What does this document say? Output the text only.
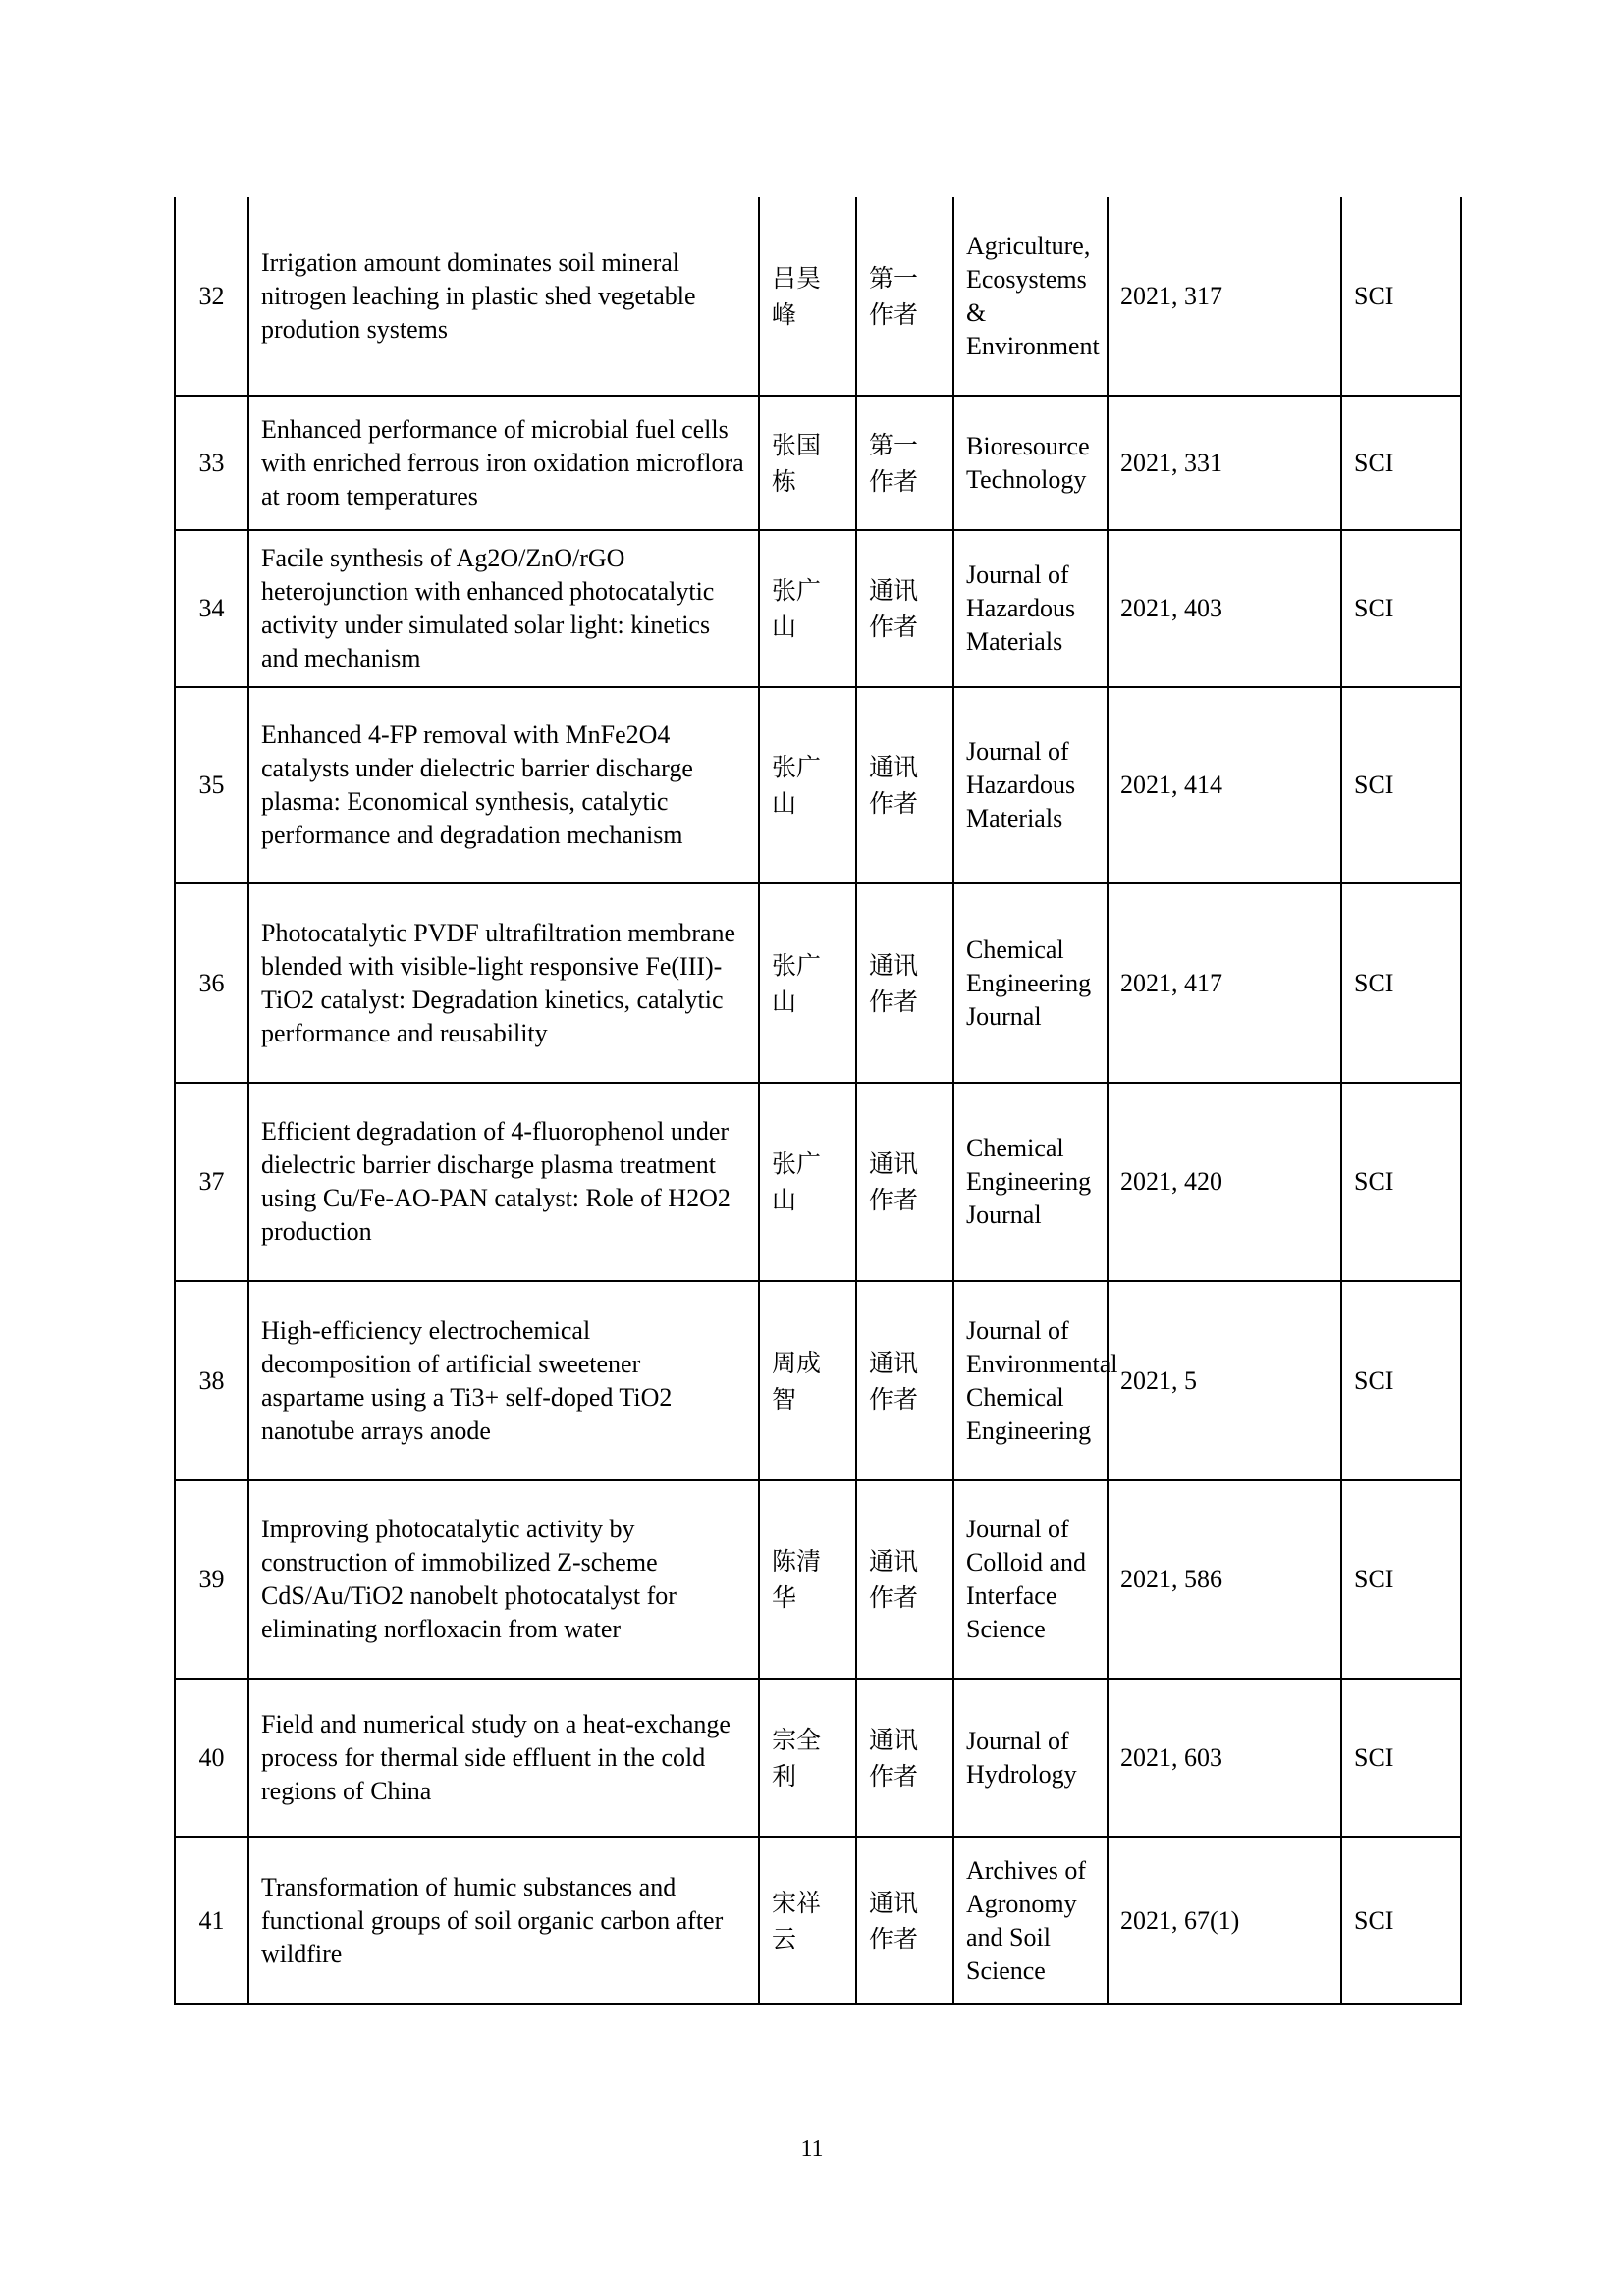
32	Irrigation amount dominates soil mineral nitrogen leaching in plastic shed vegetable prodution systems	吕昊峰	第一作者	Agriculture, Ecosystems & Environment	2021, 317	SCI
33	Enhanced performance of microbial fuel cells with enriched ferrous iron oxidation microflora at room temperatures	张国栋	第一作者	Bioresource Technology	2021, 331	SCI
34	Facile synthesis of Ag2O/ZnO/rGO heterojunction with enhanced photocatalytic activity under simulated solar light: kinetics and mechanism	张广山	通讯作者	Journal of Hazardous Materials	2021, 403	SCI
35	Enhanced 4-FP removal with MnFe2O4 catalysts under dielectric barrier discharge plasma: Economical synthesis, catalytic performance and degradation mechanism	张广山	通讯作者	Journal of Hazardous Materials	2021, 414	SCI
36	Photocatalytic PVDF ultrafiltration membrane blended with visible-light responsive Fe(III)-TiO2 catalyst: Degradation kinetics, catalytic performance and reusability	张广山	通讯作者	Chemical Engineering Journal	2021, 417	SCI
37	Efficient degradation of 4-fluorophenol under dielectric barrier discharge plasma treatment using Cu/Fe-AO-PAN catalyst: Role of H2O2 production	张广山	通讯作者	Chemical Engineering Journal	2021, 420	SCI
38	High-efficiency electrochemical decomposition of artificial sweetener aspartame using a Ti3+ self-doped TiO2 nanotube arrays anode	周成智	通讯作者	Journal of Environmental Chemical Engineering	2021, 5	SCI
39	Improving photocatalytic activity by construction of immobilized Z-scheme CdS/Au/TiO2 nanobelt photocatalyst for eliminating norfloxacin from water	陈清华	通讯作者	Journal of Colloid and Interface Science	2021, 586	SCI
40	Field and numerical study on a heat-exchange process for thermal side effluent in the cold regions of China	宗全利	通讯作者	Journal of Hydrology	2021, 603	SCI
41	Transformation of humic substances and functional groups of soil organic carbon after wildfire	宋祥云	通讯作者	Archives of Agronomy and Soil Science	2021, 67(1)	SCI
11
